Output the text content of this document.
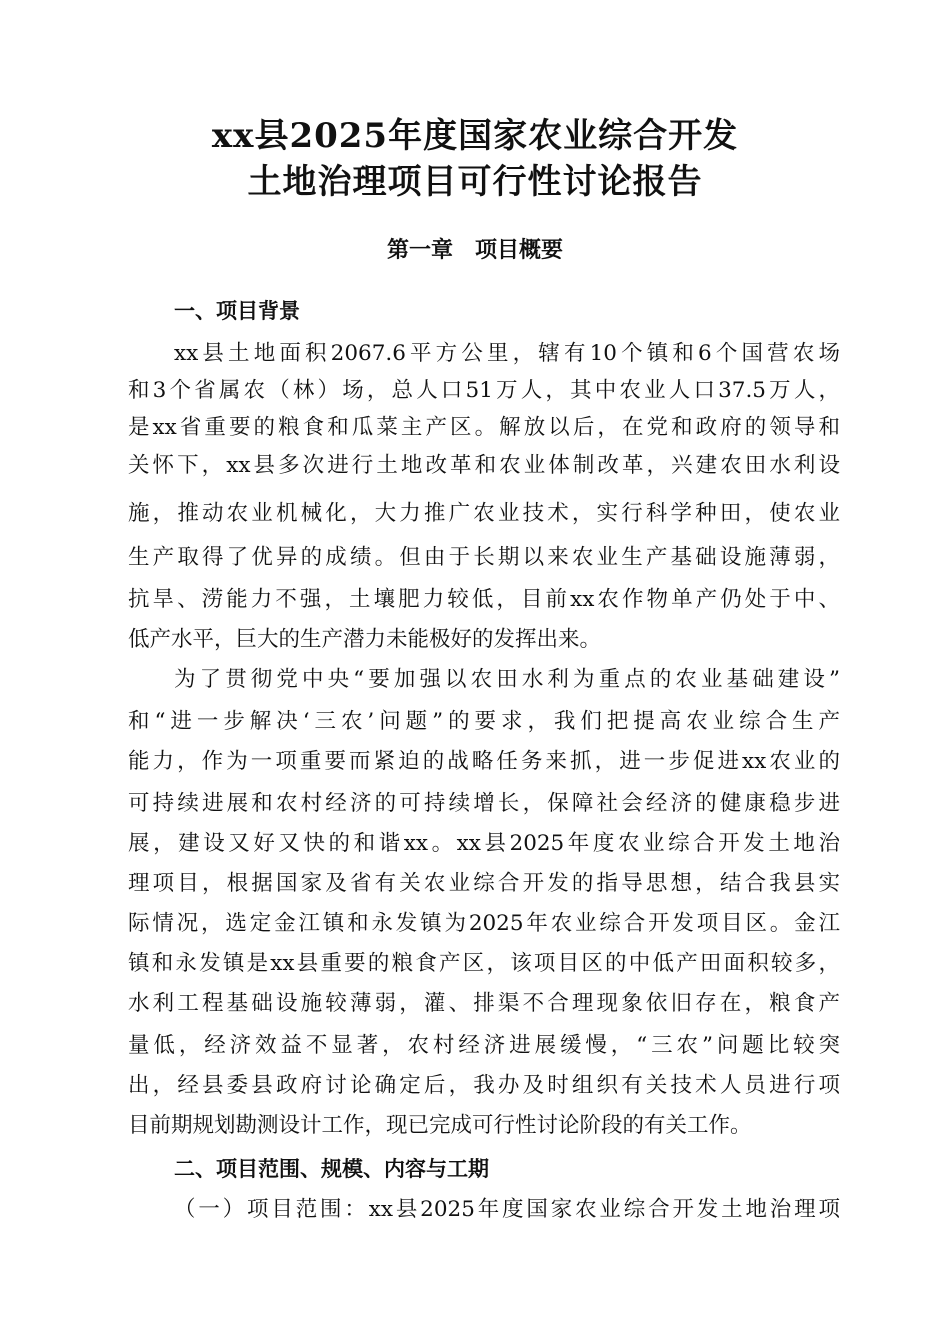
xx县2025年度国家农业综合开发
土地治理项目可行性讨论报告
第一章　项目概要
一、项目背景
xx县土地面积2067.6平方公里，辖有10个镇和6个国营农场
和3个省属农（林）场，总人口51万人，其中农业人口37.5万人，
是xx省重要的粮食和瓜菜主产区。解放以后，在党和政府的领导和
关怀下，xx县多次进行土地改革和农业体制改革，兴建农田水利设
施，推动农业机械化，大力推广农业技术，实行科学种田，使农业
生产取得了优异的成绩。但由于长期以来农业生产基础设施薄弱，
抗旱、涝能力不强，土壤肥力较低，目前xx农作物单产仍处于中、
低产水平，巨大的生产潜力未能极好的发挥出来。
为了贯彻党中央“要加强以农田水利为重点的农业基础建设”
和“进一步解决‘三农’问题”的要求，我们把提高农业综合生产
能力，作为一项重要而紧迫的战略任务来抓，进一步促进xx农业的
可持续进展和农村经济的可持续增长，保障社会经济的健康稳步进
展，建设又好又快的和谐xx。xx县2025年度农业综合开发土地治
理项目，根据国家及省有关农业综合开发的指导思想，结合我县实
际情况，选定金江镇和永发镇为2025年农业综合开发项目区。金江
镇和永发镇是xx县重要的粮食产区，该项目区的中低产田面积较多，
水利工程基础设施较薄弱，灌、排渠不合理现象依旧存在，粮食产
量低，经济效益不显著，农村经济进展缓慢，“三农”问题比较突
出，经县委县政府讨论确定后，我办及时组织有关技术人员进行项
目前期规划勘测设计工作，现已完成可行性讨论阶段的有关工作。
二、项目范围、规模、内容与工期
（一）项目范围：xx县2025年度国家农业综合开发土地治理项
